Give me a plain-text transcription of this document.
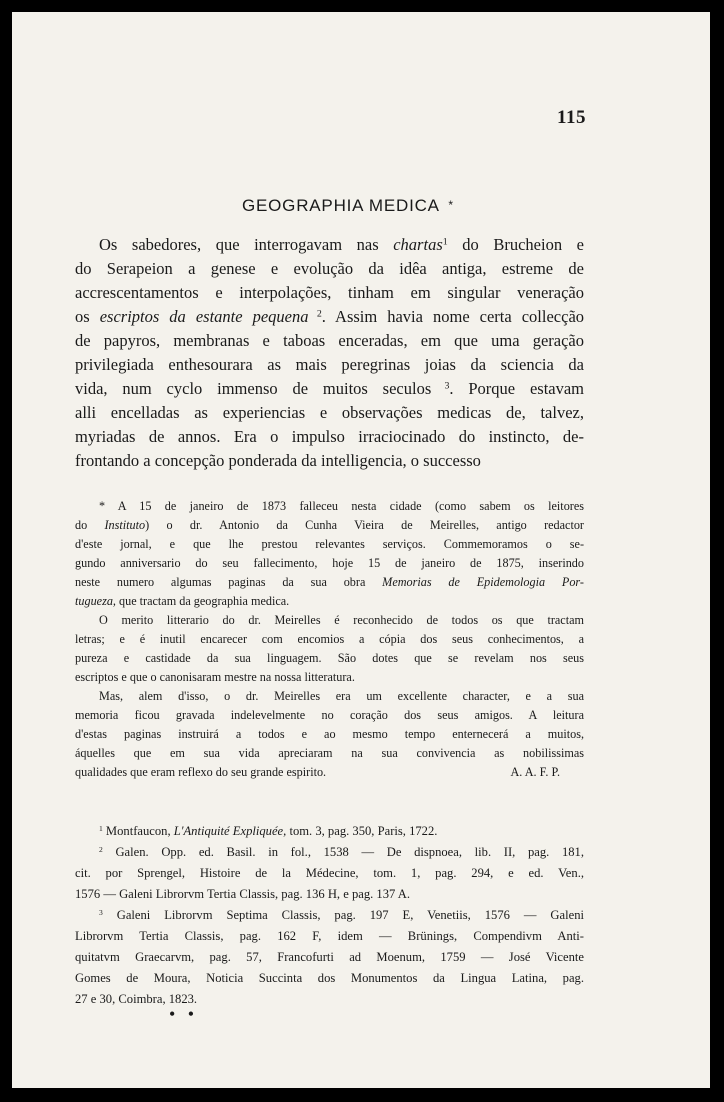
115
GEOGRAPHIA MEDICA *
Os sabedores, que interrogavam nas chartas$^1$ do Brucheion e
do Serapeion a genese e evolução da idêa antiga, estreme de
accrescentamentos e interpolações, tinham em singular veneração
os escriptos da estante pequena $^2$. Assim havia nome certa collecção
de papyros, membranas e taboas enceradas, em que uma geração
privilegiada enthesourara as mais peregrinas joias da sciencia da
vida, num cyclo immenso de muitos seculos $^3$. Porque estavam
alli encelladas as experiencias e observações medicas de, talvez,
myriadas de annos. Era o impulso irraciocinado do instincto, de-
frontando a concepção ponderada da intelligencia, o successo
* A 15 de janeiro de 1873 falleceu nesta cidade (como sabem os leitores
do Instituto) o dr. Antonio da Cunha Vieira de Meirelles, antigo redactor
d'este jornal, e que lhe prestou relevantes serviços. Commemoramos o se-
gundo anniversario do seu fallecimento, hoje 15 de janeiro de 1875, inserindo
neste numero algumas paginas da sua obra Memorias de Epidemologia Por-
tugueza, que tractam da geographia medica.
O merito litterario do dr. Meirelles é reconhecido de todos os que tractam
letras; e é inutil encarecer com encomios a cópia dos seus conhecimentos, a
pureza e castidade da sua linguagem. São dotes que se revelam nos seus
escriptos e que o canonisaram mestre na nossa litteratura.
Mas, alem d'isso, o dr. Meirelles era um excellente character, e a sua
memoria ficou gravada indelevelmente no coração dos seus amigos. A leitura
d'estas paginas instruirá a todos e ao mesmo tempo enternecerá a muitos,
áquelles que em sua vida apreciaram na sua convivencia as nobilissimas
qualidades que eram reflexo do seu grande espirito.	A. A. F. P.
$^1$ Montfaucon, L'Antiquité Expliquée, tom. 3, pag. 350, Paris, 1722.
$^2$ Galen. Opp. ed. Basil. in fol., 1538 — De dispnoea, lib. II, pag. 181,
cit. por Sprengel, Histoire de la Médecine, tom. 1, pag. 294, e ed. Ven.,
1576 — Galeni Librorvm Tertia Classis, pag. 136 H, e pag. 137 A.
$^3$ Galeni Librorvm Septima Classis, pag. 197 E, Venetiis, 1576 — Galeni
Librorvm Tertia Classis, pag. 162 F, idem — Brünings, Compendivm Anti-
quitatvm Graecarvm, pag. 57, Francofurti ad Moenum, 1759 — José Vicente
Gomes de Moura, Noticia Succinta dos Monumentos da Lingua Latina, pag.
27 e 30, Coimbra, 1823.
• •
